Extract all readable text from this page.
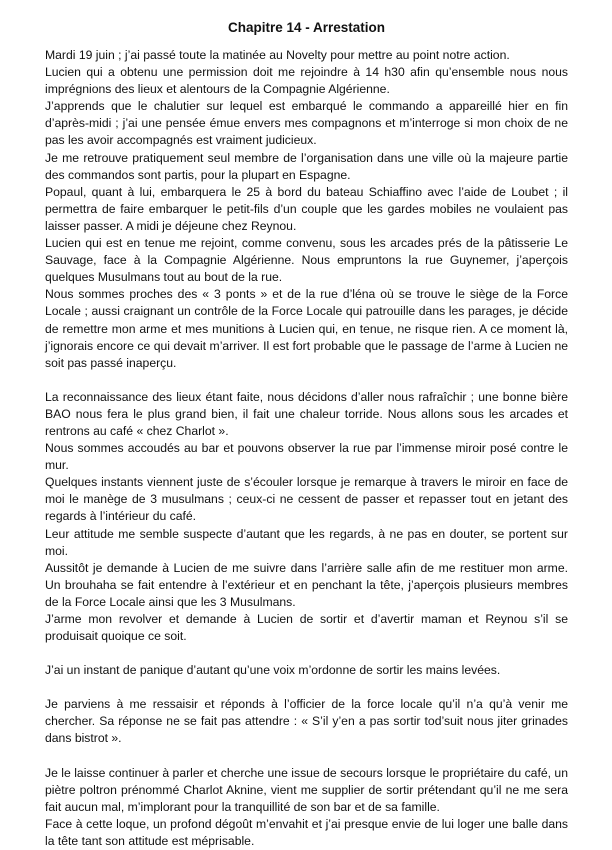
Chapitre 14 - Arrestation

Mardi 19 juin ; j’ai passé toute la matinée au Novelty pour mettre au point notre action.

Lucien qui a obtenu une permission doit me rejoindre à 14 h30 afin qu’ensemble nous nous imprégnions des lieux et alentours de la Compagnie Algérienne.

J’apprends que le chalutier sur lequel est embarqué le commando a appareillé hier en fin d’après-midi ; j’ai une pensée émue envers mes compagnons et m’interroge si mon choix de ne pas les avoir accompagnés est vraiment judicieux.

Je me retrouve pratiquement seul membre de l’organisation dans une ville où la majeure partie des commandos sont partis, pour la plupart en Espagne.

Popaul, quant à lui, embarquera le 25 à bord du bateau Schiaffino avec l’aide de Loubet ; il permettra de faire embarquer le petit-fils d’un couple que les gardes mobiles ne voulaient pas laisser passer. A midi je déjeune chez Reynou.

Lucien qui est en tenue me rejoint, comme convenu, sous les arcades prés de la pâtisserie Le Sauvage, face à la Compagnie Algérienne. Nous empruntons la rue Guynemer, j’aperçois quelques Musulmans tout au bout de la rue.

Nous sommes proches des « 3 ponts » et de la rue d’léna où se trouve le siège de la Force Locale ; aussi craignant un contrôle de la Force Locale qui patrouille dans les parages, je décide de remettre mon arme et mes munitions à Lucien qui, en tenue, ne risque rien. A ce moment là, j’ignorais encore ce qui devait m’arriver. Il est fort probable que le passage de l’arme à Lucien ne soit pas passé inaperçu.

La reconnaissance des lieux étant faite, nous décidons d’aller nous rafraîchir ; une bonne bière BAO nous fera le plus grand bien, il fait une chaleur torride. Nous allons sous les arcades et rentrons au café « chez Charlot ».

Nous sommes accoudés au bar et pouvons observer la rue par l’immense miroir posé contre le mur.

Quelques instants viennent juste de s’écouler lorsque je remarque à travers le miroir en face de moi le manège de 3 musulmans ; ceux-ci ne cessent de passer et repasser tout en jetant des regards à l’intérieur du café.

Leur attitude me semble suspecte d’autant que les regards, à ne pas en douter, se portent sur moi.

Aussitôt je demande à Lucien de me suivre dans l’arrière salle afin de me restituer mon arme. Un brouhaha se fait entendre à l’extérieur et en penchant la tête, j’aperçois plusieurs membres de la Force Locale ainsi que les 3 Musulmans.

J’arme mon revolver et demande à Lucien de sortir et d’avertir maman et Reynou s’il se produisait quoique ce soit.

J’ai un instant de panique d’autant qu’une voix m’ordonne de sortir les mains levées.

Je parviens à me ressaisir et réponds à l’officier de la force locale qu’il n’a qu’à venir me chercher. Sa réponse ne se fait pas attendre : « S’il y’en a pas sortir tod’suit nous jiter grinades dans bistrot ».

Je le laisse continuer à parler et cherche une issue de secours lorsque le propriétaire du café, un piètre poltron prénommé Charlot Aknine, vient me supplier de sortir prétendant qu’il ne me sera fait aucun mal, m’implorant pour la tranquillité de son bar et de sa famille.

Face à cette loque, un profond dégoût m’envahit et j’ai presque envie de lui loger une balle dans la tête tant son attitude est méprisable.
